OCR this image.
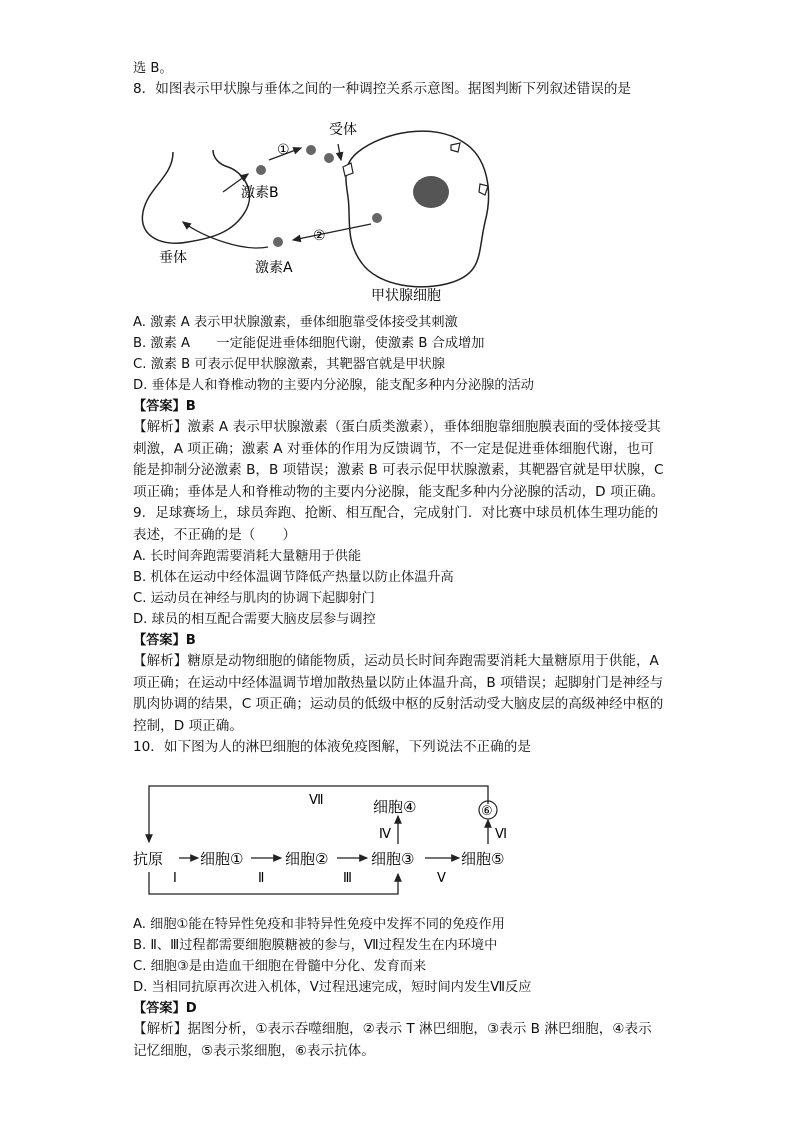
选 B。
8．如图表示甲状腺与垂体之间的一种调控关系示意图。据图判断下列叙述错误的是
受体
①
激素B
②
垂体
激素A
甲状腺细胞
A. 激素 A 表示甲状腺激素，垂体细胞靠受体接受其刺激
B. 激素 A　　一定能促进垂体细胞代谢，使激素 B 合成增加
C. 激素 B 可表示促甲状腺激素，其靶器官就是甲状腺
D. 垂体是人和脊椎动物的主要内分泌腺，能支配多种内分泌腺的活动
【答案】B
【解析】激素 A 表示甲状腺激素（蛋白质类激素），垂体细胞靠细胞膜表面的受体接受其刺激，A 项正确；激素 A 对垂体的作用为反馈调节，不一定是促进垂体细胞代谢，也可能是抑制分泌激素 B，B 项错误；激素 B 可表示促甲状腺激素，其靶器官就是甲状腺，C 项正确；垂体是人和脊椎动物的主要内分泌腺，能支配多种内分泌腺的活动，D 项正确。
9．足球赛场上，球员奔跑、抢断、相互配合，完成射门．对比赛中球员机体生理功能的表述，不正确的是（　　）
A. 长时间奔跑需要消耗大量糖用于供能
B. 机体在运动中经体温调节降低产热量以防止体温升高
C. 运动员在神经与肌肉的协调下起脚射门
D. 球员的相互配合需要大脑皮层参与调控
【答案】B
【解析】糖原是动物细胞的储能物质，运动员长时间奔跑需要消耗大量糖原用于供能，A 项正确；在运动中经体温调节增加散热量以防止体温升高，B 项错误；起脚射门是神经与肌肉协调的结果，C 项正确；运动员的低级中枢的反射活动受大脑皮层的高级神经中枢的控制，D 项正确。
10．如下图为人的淋巴细胞的体液免疫图解，下列说法不正确的是
抗原 细胞①	细胞②	细胞③
细胞④
细胞⑤
⑥
Ⅰ	Ⅱ	Ⅲ
Ⅳ
Ⅴ
Ⅵ
Ⅶ
A. 细胞①能在特异性免疫和非特异性免疫中发挥不同的免疫作用
B. Ⅱ、Ⅲ过程都需要细胞膜糖被的参与，Ⅶ过程发生在内环境中
C. 细胞③是由造血干细胞在骨髓中分化、发育而来
D. 当相同抗原再次进入机体，Ⅴ过程迅速完成，短时间内发生Ⅶ反应
【答案】D
【解析】据图分析，①表示吞噬细胞，②表示 T 淋巴细胞，③表示 B 淋巴细胞，④表示记忆细胞，⑤表示浆细胞，⑥表示抗体。
